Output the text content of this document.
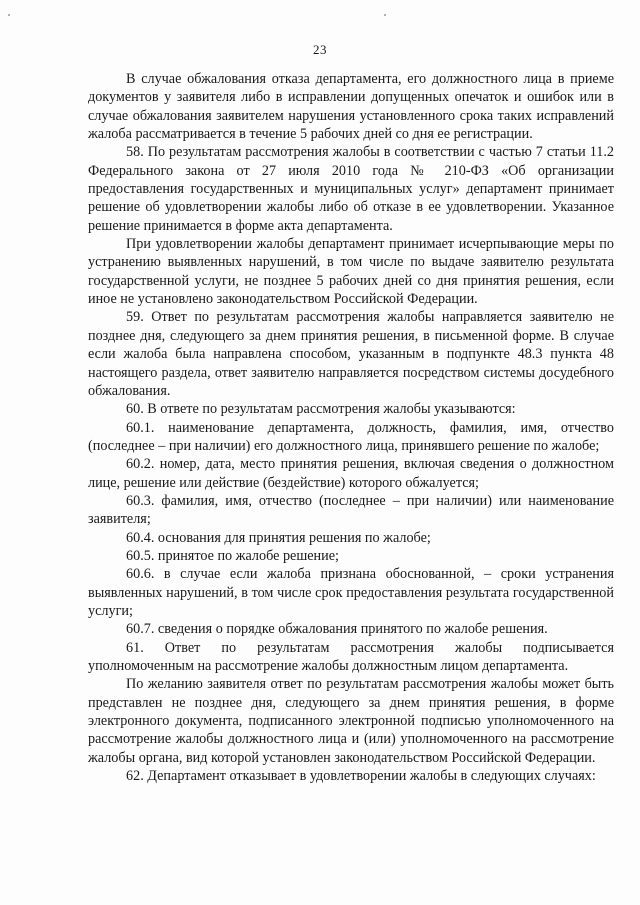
23

В случае обжалования отказа департамента, его должностного лица в приеме документов у заявителя либо в исправлении допущенных опечаток и ошибок или в случае обжалования заявителем нарушения установленного срока таких исправлений жалоба рассматривается в течение 5 рабочих дней со дня ее регистрации.

58. По результатам рассмотрения жалобы в соответствии с частью 7 статьи 11.2 Федерального закона от 27 июля 2010 года № 210-ФЗ «Об организации предоставления государственных и муниципальных услуг» департамент принимает решение об удовлетворении жалобы либо об отказе в ее удовлетворении. Указанное решение принимается в форме акта департамента.

При удовлетворении жалобы департамент принимает исчерпывающие меры по устранению выявленных нарушений, в том числе по выдаче заявителю результата государственной услуги, не позднее 5 рабочих дней со дня принятия решения, если иное не установлено законодательством Российской Федерации.

59. Ответ по результатам рассмотрения жалобы направляется заявителю не позднее дня, следующего за днем принятия решения, в письменной форме. В случае если жалоба была направлена способом, указанным в подпункте 48.3 пункта 48 настоящего раздела, ответ заявителю направляется посредством системы досудебного обжалования.

60. В ответе по результатам рассмотрения жалобы указываются:

60.1. наименование департамента, должность, фамилия, имя, отчество (последнее – при наличии) его должностного лица, принявшего решение по жалобе;

60.2. номер, дата, место принятия решения, включая сведения о должностном лице, решение или действие (бездействие) которого обжалуется;

60.3. фамилия, имя, отчество (последнее – при наличии) или наименование заявителя;

60.4. основания для принятия решения по жалобе;

60.5. принятое по жалобе решение;

60.6. в случае если жалоба признана обоснованной, – сроки устранения выявленных нарушений, в том числе срок предоставления результата государственной услуги;

60.7. сведения о порядке обжалования принятого по жалобе решения.

61. Ответ по результатам рассмотрения жалобы подписывается уполномоченным на рассмотрение жалобы должностным лицом департамента.

По желанию заявителя ответ по результатам рассмотрения жалобы может быть представлен не позднее дня, следующего за днем принятия решения, в форме электронного документа, подписанного электронной подписью уполномоченного на рассмотрение жалобы должностного лица и (или) уполномоченного на рассмотрение жалобы органа, вид которой установлен законодательством Российской Федерации.

62. Департамент отказывает в удовлетворении жалобы в следующих случаях:
